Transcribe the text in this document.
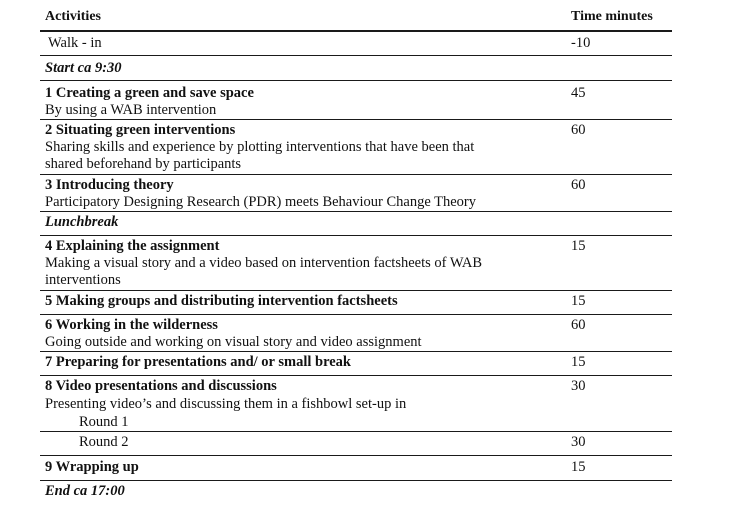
Activities	Time minutes
Walk - in	-10
Start ca 9:30
1 Creating a green and save space	45
By using a WAB intervention
2 Situating green interventions	60
Sharing skills and experience by plotting interventions that have been that
shared beforehand by participants
3 Introducing theory	60
Participatory Designing Research (PDR) meets Behaviour Change Theory
Lunchbreak
4 Explaining the assignment	15
Making a visual story and a video based on intervention factsheets of WAB
interventions
5 Making groups and distributing intervention factsheets	15
6 Working in the wilderness	60
Going outside and working on visual story and video assignment
7 Preparing for presentations and/ or small break	15
8 Video presentations and discussions	30
Presenting video’s and discussing them in a fishbowl set-up in
Round 1
Round 2	30
9 Wrapping up	15
End ca 17:00
